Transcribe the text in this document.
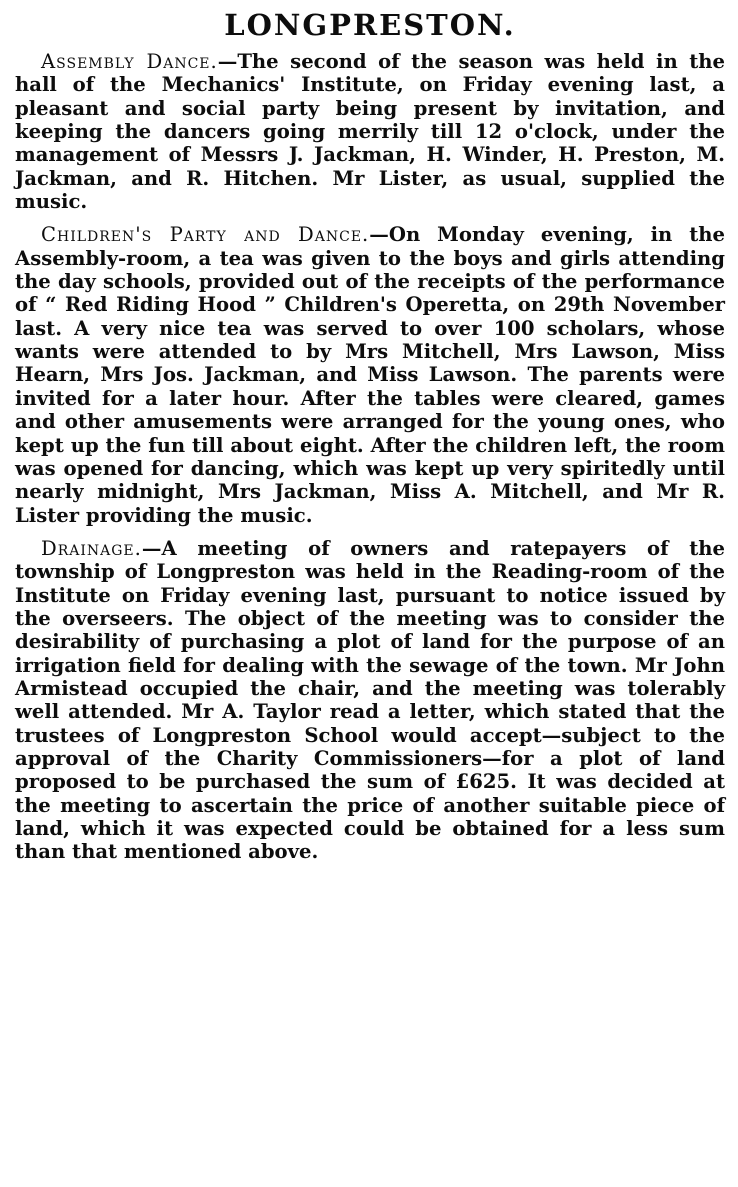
LONGPRESTON.

Assembly Dance.—The second of the season was held in the hall of the Mechanics' Institute, on Friday evening last, a pleasant and social party being present by invitation, and keeping the dancers going merrily till 12 o'clock, under the management of Messrs J. Jackman, H. Winder, H. Preston, M. Jackman, and R. Hitchen. Mr Lister, as usual, supplied the music.

Children's Party and Dance.—On Monday evening, in the Assembly-room, a tea was given to the boys and girls attending the day schools, provided out of the receipts of the performance of “ Red Riding Hood ” Children's Operetta, on 29th November last. A very nice tea was served to over 100 scholars, whose wants were attended to by Mrs Mitchell, Mrs Lawson, Miss Hearn, Mrs Jos. Jackman, and Miss Lawson. The parents were invited for a later hour. After the tables were cleared, games and other amusements were arranged for the young ones, who kept up the fun till about eight. After the children left, the room was opened for dancing, which was kept up very spiritedly until nearly midnight, Mrs Jackman, Miss A. Mitchell, and Mr R. Lister providing the music.

Drainage.—A meeting of owners and ratepayers of the township of Longpreston was held in the Reading-room of the Institute on Friday evening last, pursuant to notice issued by the overseers. The object of the meeting was to consider the desirability of purchasing a plot of land for the purpose of an irrigation field for dealing with the sewage of the town. Mr John Armistead occupied the chair, and the meeting was tolerably well attended. Mr A. Taylor read a letter, which stated that the trustees of Longpreston School would accept—subject to the approval of the Charity Commissioners—for a plot of land proposed to be purchased the sum of £625. It was decided at the meeting to ascertain the price of another suitable piece of land, which it was expected could be obtained for a less sum than that mentioned above.
